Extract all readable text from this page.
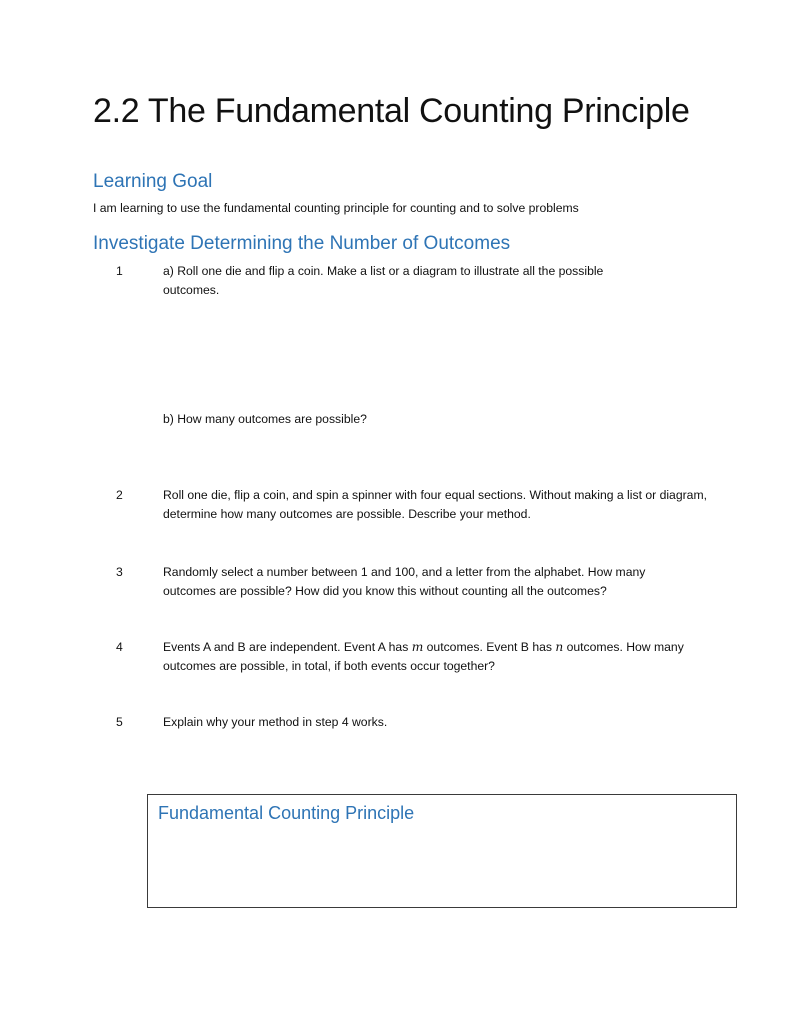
2.2 The Fundamental Counting Principle
Learning Goal
I am learning to use the fundamental counting principle for counting and to solve problems
Investigate Determining the Number of Outcomes
1	a) Roll one die and flip a coin. Make a list or a diagram to illustrate all the possible outcomes.

b) How many outcomes are possible?

2	Roll one die, flip a coin, and spin a spinner with four equal sections. Without making a list or diagram, determine how many outcomes are possible. Describe your method.

3	Randomly select a number between 1 and 100, and a letter from the alphabet. How many outcomes are possible? How did you know this without counting all the outcomes?

4	Events A and B are independent. Event A has m outcomes. Event B has n outcomes. How many outcomes are possible, in total, if both events occur together?

5	Explain why your method in step 4 works.

Fundamental Counting Principle
